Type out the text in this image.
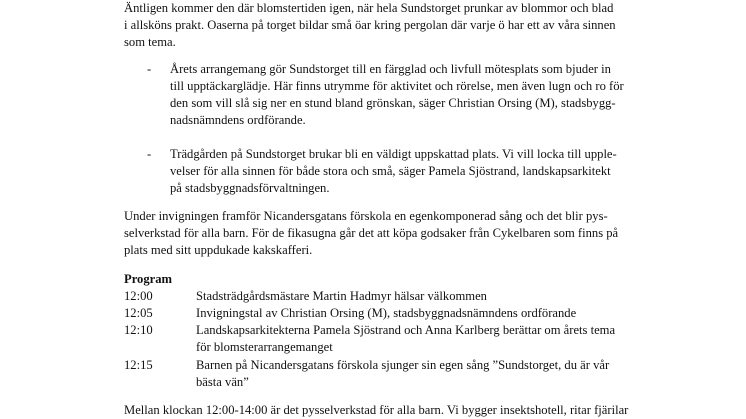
Äntligen kommer den där blomstertiden igen, när hela Sundstorget prunkar av blommor och blad
i allsköns prakt. Oaserna på torget bildar små öar kring pergolan där varje ö har ett av våra sinnen
som tema.
- Årets arrangemang gör Sundstorget till en färgglad och livfull mötesplats som bjuder in
till upptäckarglädje. Här finns utrymme för aktivitet och rörelse, men även lugn och ro för
den som vill slå sig ner en stund bland grönskan, säger Christian Orsing (M), stadsbygg-
nadsnämndens ordförande.
- Trädgården på Sundstorget brukar bli en väldigt uppskattad plats. Vi vill locka till upple-
velser för alla sinnen för både stora och små, säger Pamela Sjöstrand, landskapsarkitekt
på stadsbyggnadsförvaltningen.
Under invigningen framför Nicandersgatans förskola en egenkomponerad sång och det blir pys-
selverkstad för alla barn. För de fikasugna går det att köpa godsaker från Cykelbaren som finns på
plats med sitt uppdukade kakskafferi.
Program
12:00	Stadsträdgårdsmästare Martin Hadmyr hälsar välkommen
12:05	Invigningstal av Christian Orsing (M), stadsbyggnadsnämndens ordförande
12:10	Landskapsarkitekterna Pamela Sjöstrand och Anna Karlberg berättar om årets tema
för blomsterarrangemanget
12:15	Barnen på Nicandersgatans förskola sjunger sin egen sång ”Sundstorget, du är vår
bästa vän”
Mellan klockan 12:00-14:00 är det pysselverkstad för alla barn. Vi bygger insektshotell, ritar fjärilar
